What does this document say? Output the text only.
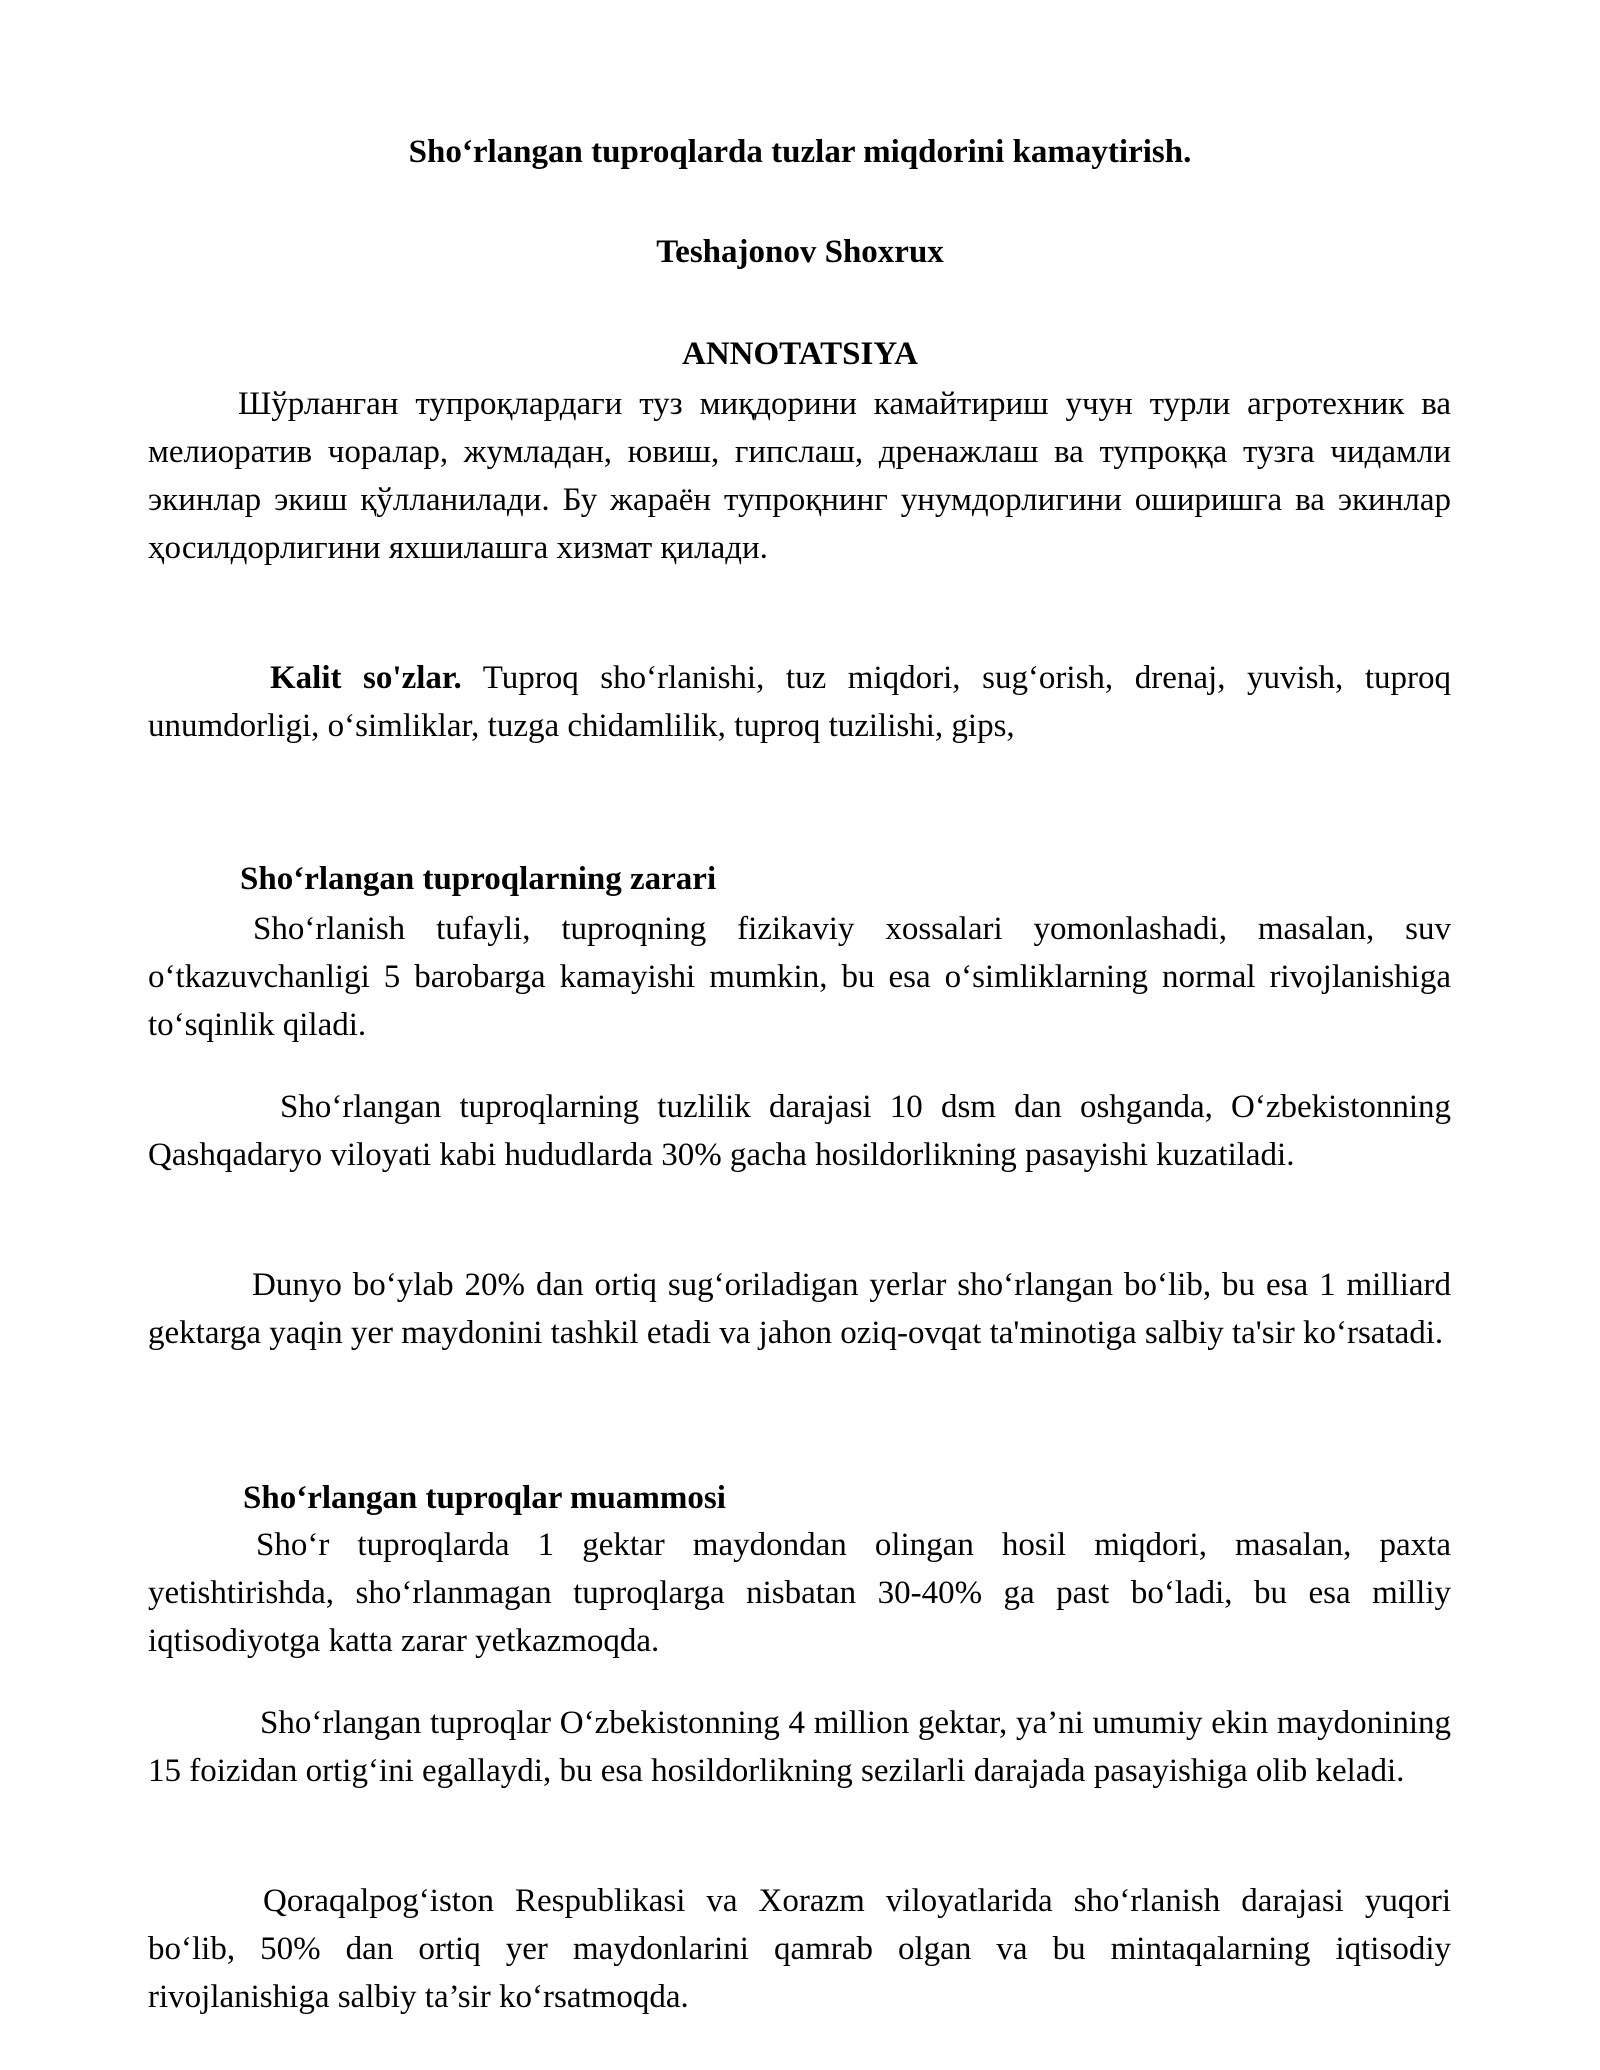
Sho‘rlangan tuproqlarda tuzlar miqdorini kamaytirish.

Teshajonov Shoxrux

ANNOTATSIYA

Шўрланган тупроқлардаги туз миқдорини камайтириш учун турли агротехник ва мелиоратив чоралар, жумладан, ювиш, гипслаш, дренажлаш ва тупроққа тузга чидамли экинлар экиш қўлланилади. Бу жараён тупроқнинг унумдорлигини оширишга ва экинлар ҳосилдорлигини яхшилашга хизмат қилади.

Kalit so'zlar. Tuproq sho‘rlanishi, tuz miqdori, sug‘orish, drenaj, yuvish, tuproq unumdorligi, o‘simliklar, tuzga chidamlilik, tuproq tuzilishi, gips,

Sho‘rlangan tuproqlarning zarari

Sho‘rlanish tufayli, tuproqning fizikaviy xossalari yomonlashadi, masalan, suv o‘tkazuvchanligi 5 barobarga kamayishi mumkin, bu esa o‘simliklarning normal rivojlanishiga to‘sqinlik qiladi.

Sho‘rlangan tuproqlarning tuzlilik darajasi 10 dsm dan oshganda, O‘zbekistonning Qashqadaryo viloyati kabi hududlarda 30% gacha hosildorlikning pasayishi kuzatiladi.

Dunyo bo‘ylab 20% dan ortiq sug‘oriladigan yerlar sho‘rlangan bo‘lib, bu esa 1 milliard gektarga yaqin yer maydonini tashkil etadi va jahon oziq-ovqat ta'minotiga salbiy ta'sir ko‘rsatadi.

Sho‘rlangan tuproqlar muammosi

Sho‘r tuproqlarda 1 gektar maydondan olingan hosil miqdori, masalan, paxta yetishtirishda, sho‘rlanmagan tuproqlarga nisbatan 30-40% ga past bo‘ladi, bu esa milliy iqtisodiyotga katta zarar yetkazmoqda.

Sho‘rlangan tuproqlar O‘zbekistonning 4 million gektar, ya’ni umumiy ekin maydonining 15 foizidan ortig‘ini egallaydi, bu esa hosildorlikning sezilarli darajada pasayishiga olib keladi.

Qoraqalpog‘iston Respublikasi va Xorazm viloyatlarida sho‘rlanish darajasi yuqori bo‘lib, 50% dan ortiq yer maydonlarini qamrab olgan va bu mintaqalarning iqtisodiy rivojlanishiga salbiy ta’sir ko‘rsatmoqda.
